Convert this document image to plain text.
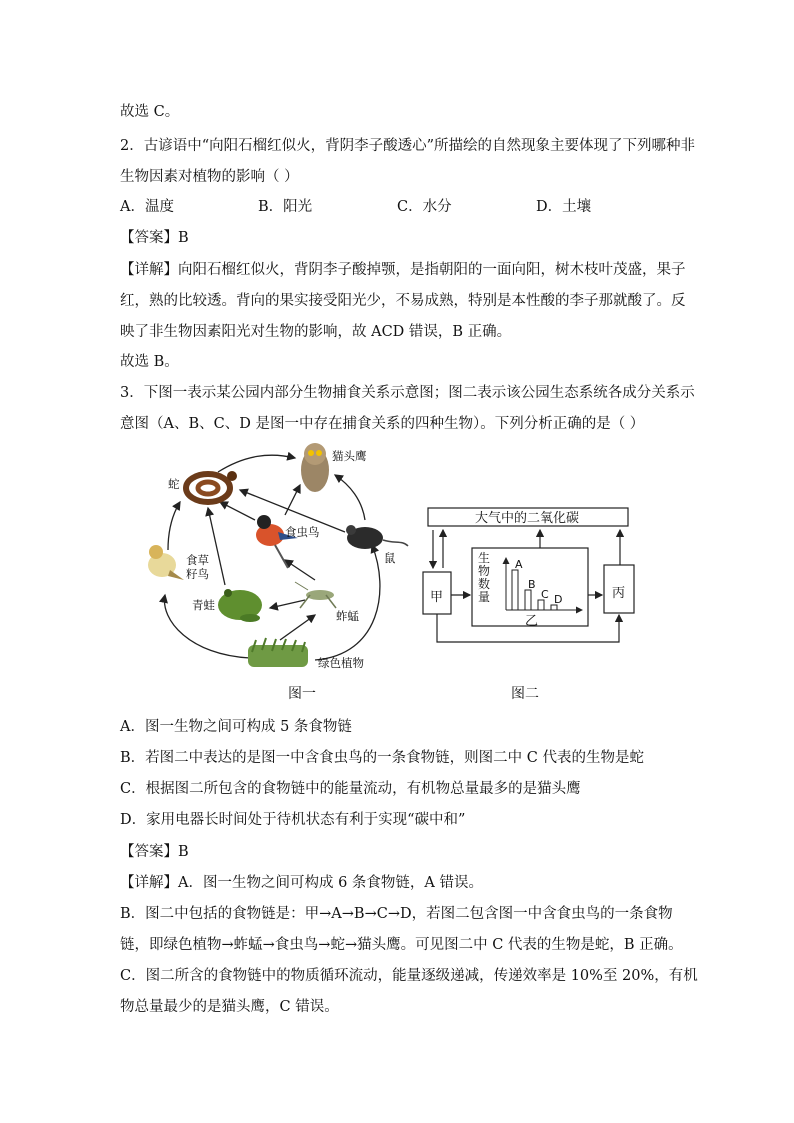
故选 C。
2．古谚语中“向阳石榴红似火，背阴李子酸透心”所描绘的自然现象主要体现了下列哪种非
生物因素对植物的影响（ ）
A．温度	B．阳光	C．水分	D．土壤
【答案】B
【详解】向阳石榴红似火，背阴李子酸掉颚，是指朝阳的一面向阳，树木枝叶茂盛，果子
红，熟的比较透。背向的果实接受阳光少，不易成熟，特别是本性酸的李子那就酸了。反
映了非生物因素阳光对生物的影响，故 ACD 错误，B 正确。
故选 B。
3．下图一表示某公园内部分生物捕食关系示意图；图二表示该公园生态系统各成分关系示
意图（A、B、C、D 是图一中存在捕食关系的四种生物）。下列分析正确的是（ ）
猫头鹰
蛇
食虫鸟
鼠
食草籽鸟
青蛙
蚱蜢
绿色植物
图一
A
B
C D
大气中的二氧化碳
甲	丙
生物数量
乙
图二
A．图一生物之间可构成 5 条食物链
B．若图二中表达的是图一中含食虫鸟的一条食物链，则图二中 C 代表的生物是蛇
C．根据图二所包含的食物链中的能量流动，有机物总量最多的是猫头鹰
D．家用电器长时间处于待机状态有利于实现“碳中和”
【答案】B
【详解】A．图一生物之间可构成 6 条食物链，A 错误。
B．图二中包括的食物链是：甲→A→B→C→D，若图二包含图一中含食虫鸟的一条食物
链，即绿色植物→蚱蜢→食虫鸟→蛇→猫头鹰。可见图二中 C 代表的生物是蛇，B 正确。
C．图二所含的食物链中的物质循环流动，能量逐级递减，传递效率是 10%至 20%，有机
物总量最少的是猫头鹰，C 错误。
